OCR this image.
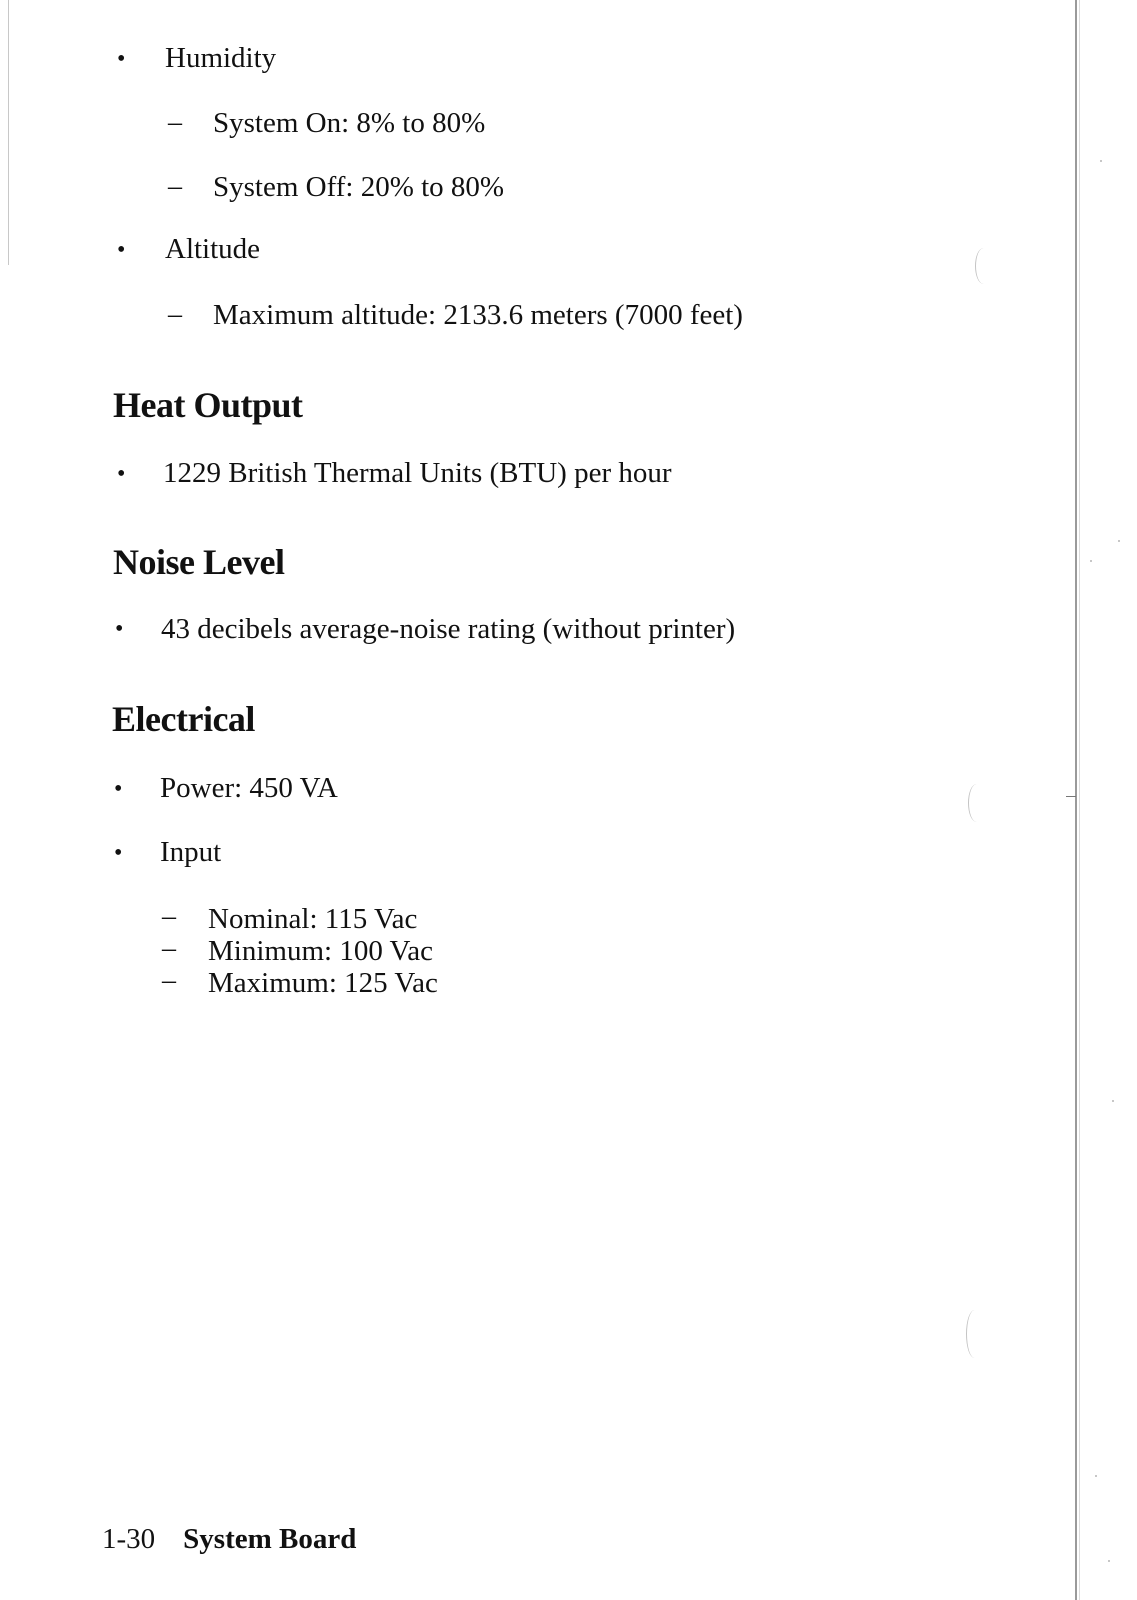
• Humidity
– System On: 8% to 80%
– System Off: 20% to 80%
• Altitude
– Maximum altitude: 2133.6 meters (7000 feet)
Heat Output
• 1229 British Thermal Units (BTU) per hour
Noise Level
• 43 decibels average-noise rating (without printer)
Electrical
• Power: 450 VA
• Input
– Nominal: 115 Vac
– Minimum: 100 Vac
– Maximum: 125 Vac
1-30 System Board
